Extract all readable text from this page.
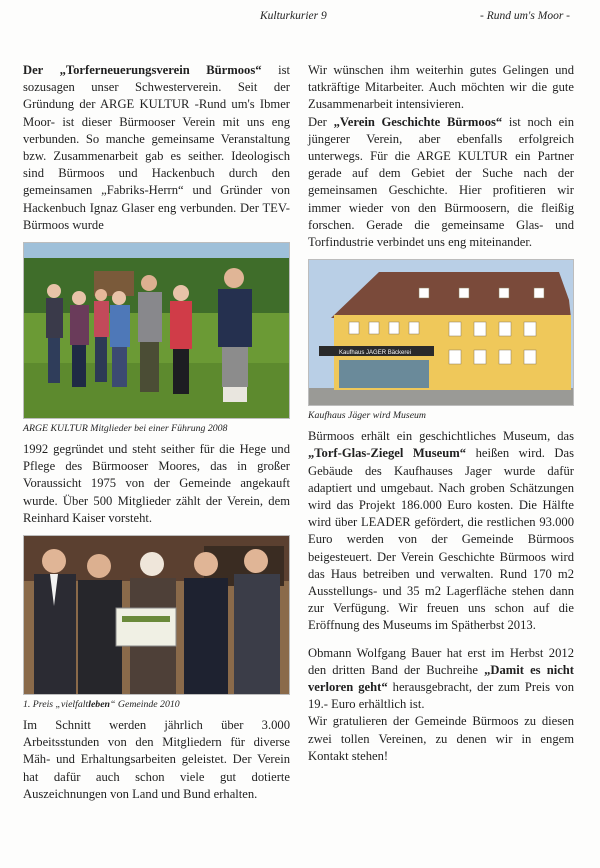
Kulturkurier 9	- Rund um's Moor -

Der „Torferneuerungsverein Bürmoos“ ist sozusagen unser Schwesterverein. Seit der Gründung der ARGE KULTUR -Rund um's Ibmer Moor- ist dieser Bürmooser Verein mit uns eng verbunden. So manche gemeinsame Veranstaltung bzw. Zusammenarbeit gab es seither. Ideologisch sind Bürmoos und Hackenbuch durch den gemeinsamen „Fabriks-Herrn“ und Gründer von Hackenbuch Ignaz Glaser eng verbunden. Der TEV-Bürmoos wurde

ARGE KULTUR Mitglieder bei einer Führung 2008

1992 gegründet und steht seither für die Hege und Pflege des Bürmooser Moores, das in großer Voraussicht 1975 von der Gemeinde angekauft wurde. Über 500 Mitglieder zählt der Verein, dem Reinhard Kaiser vorsteht.

1. Preis „vielfaltleben“ Gemeinde 2010

Im Schnitt werden jährlich über 3.000 Arbeitsstunden von den Mitgliedern für diverse Mäh- und Erhaltungsarbeiten geleistet. Der Verein hat dafür auch schon viele gut dotierte Auszeichnungen von Land und Bund erhalten.

Wir wünschen ihm weiterhin gutes Gelingen und tatkräftige Mitarbeiter. Auch möchten wir die gute Zusammenarbeit intensivieren.

Der „Verein Geschichte Bürmoos“ ist noch ein jüngerer Verein, aber ebenfalls erfolgreich unterwegs. Für die ARGE KULTUR ein Partner gerade auf dem Gebiet der Suche nach der gemeinsamen Geschichte. Hier profitieren wir immer wieder von den Bürmoosern, die fleißig forschen. Gerade die gemeinsame Glas- und Torfindustrie verbindet uns eng miteinander.

Kaufhaus JAGER Bäckerei
Kaufhaus Jäger wird Museum

Bürmoos erhält ein geschichtliches Museum, das „Torf-Glas-Ziegel Museum“ heißen wird. Das Gebäude des Kaufhauses Jager wurde dafür adaptiert und umgebaut. Nach groben Schätzungen wird das Projekt 186.000 Euro kosten. Die Hälfte wird über LEADER gefördert, die restlichen 93.000 Euro werden von der Gemeinde Bürmoos beigesteuert. Der Verein Geschichte Bürmoos wird das Haus betreiben und verwalten. Rund 170 m2 Ausstellungs- und 35 m2 Lagerfläche stehen dann zur Verfügung. Wir freuen uns schon auf die Eröffnung des Museums im Spätherbst 2013.

Obmann Wolfgang Bauer hat erst im Herbst 2012 den dritten Band der Buchreihe „Damit es nicht verloren geht“ herausgebracht, der zum Preis von 19.- Euro erhältlich ist.

Wir gratulieren der Gemeinde Bürmoos zu diesen zwei tollen Vereinen, zu denen wir in engem Kontakt stehen!
